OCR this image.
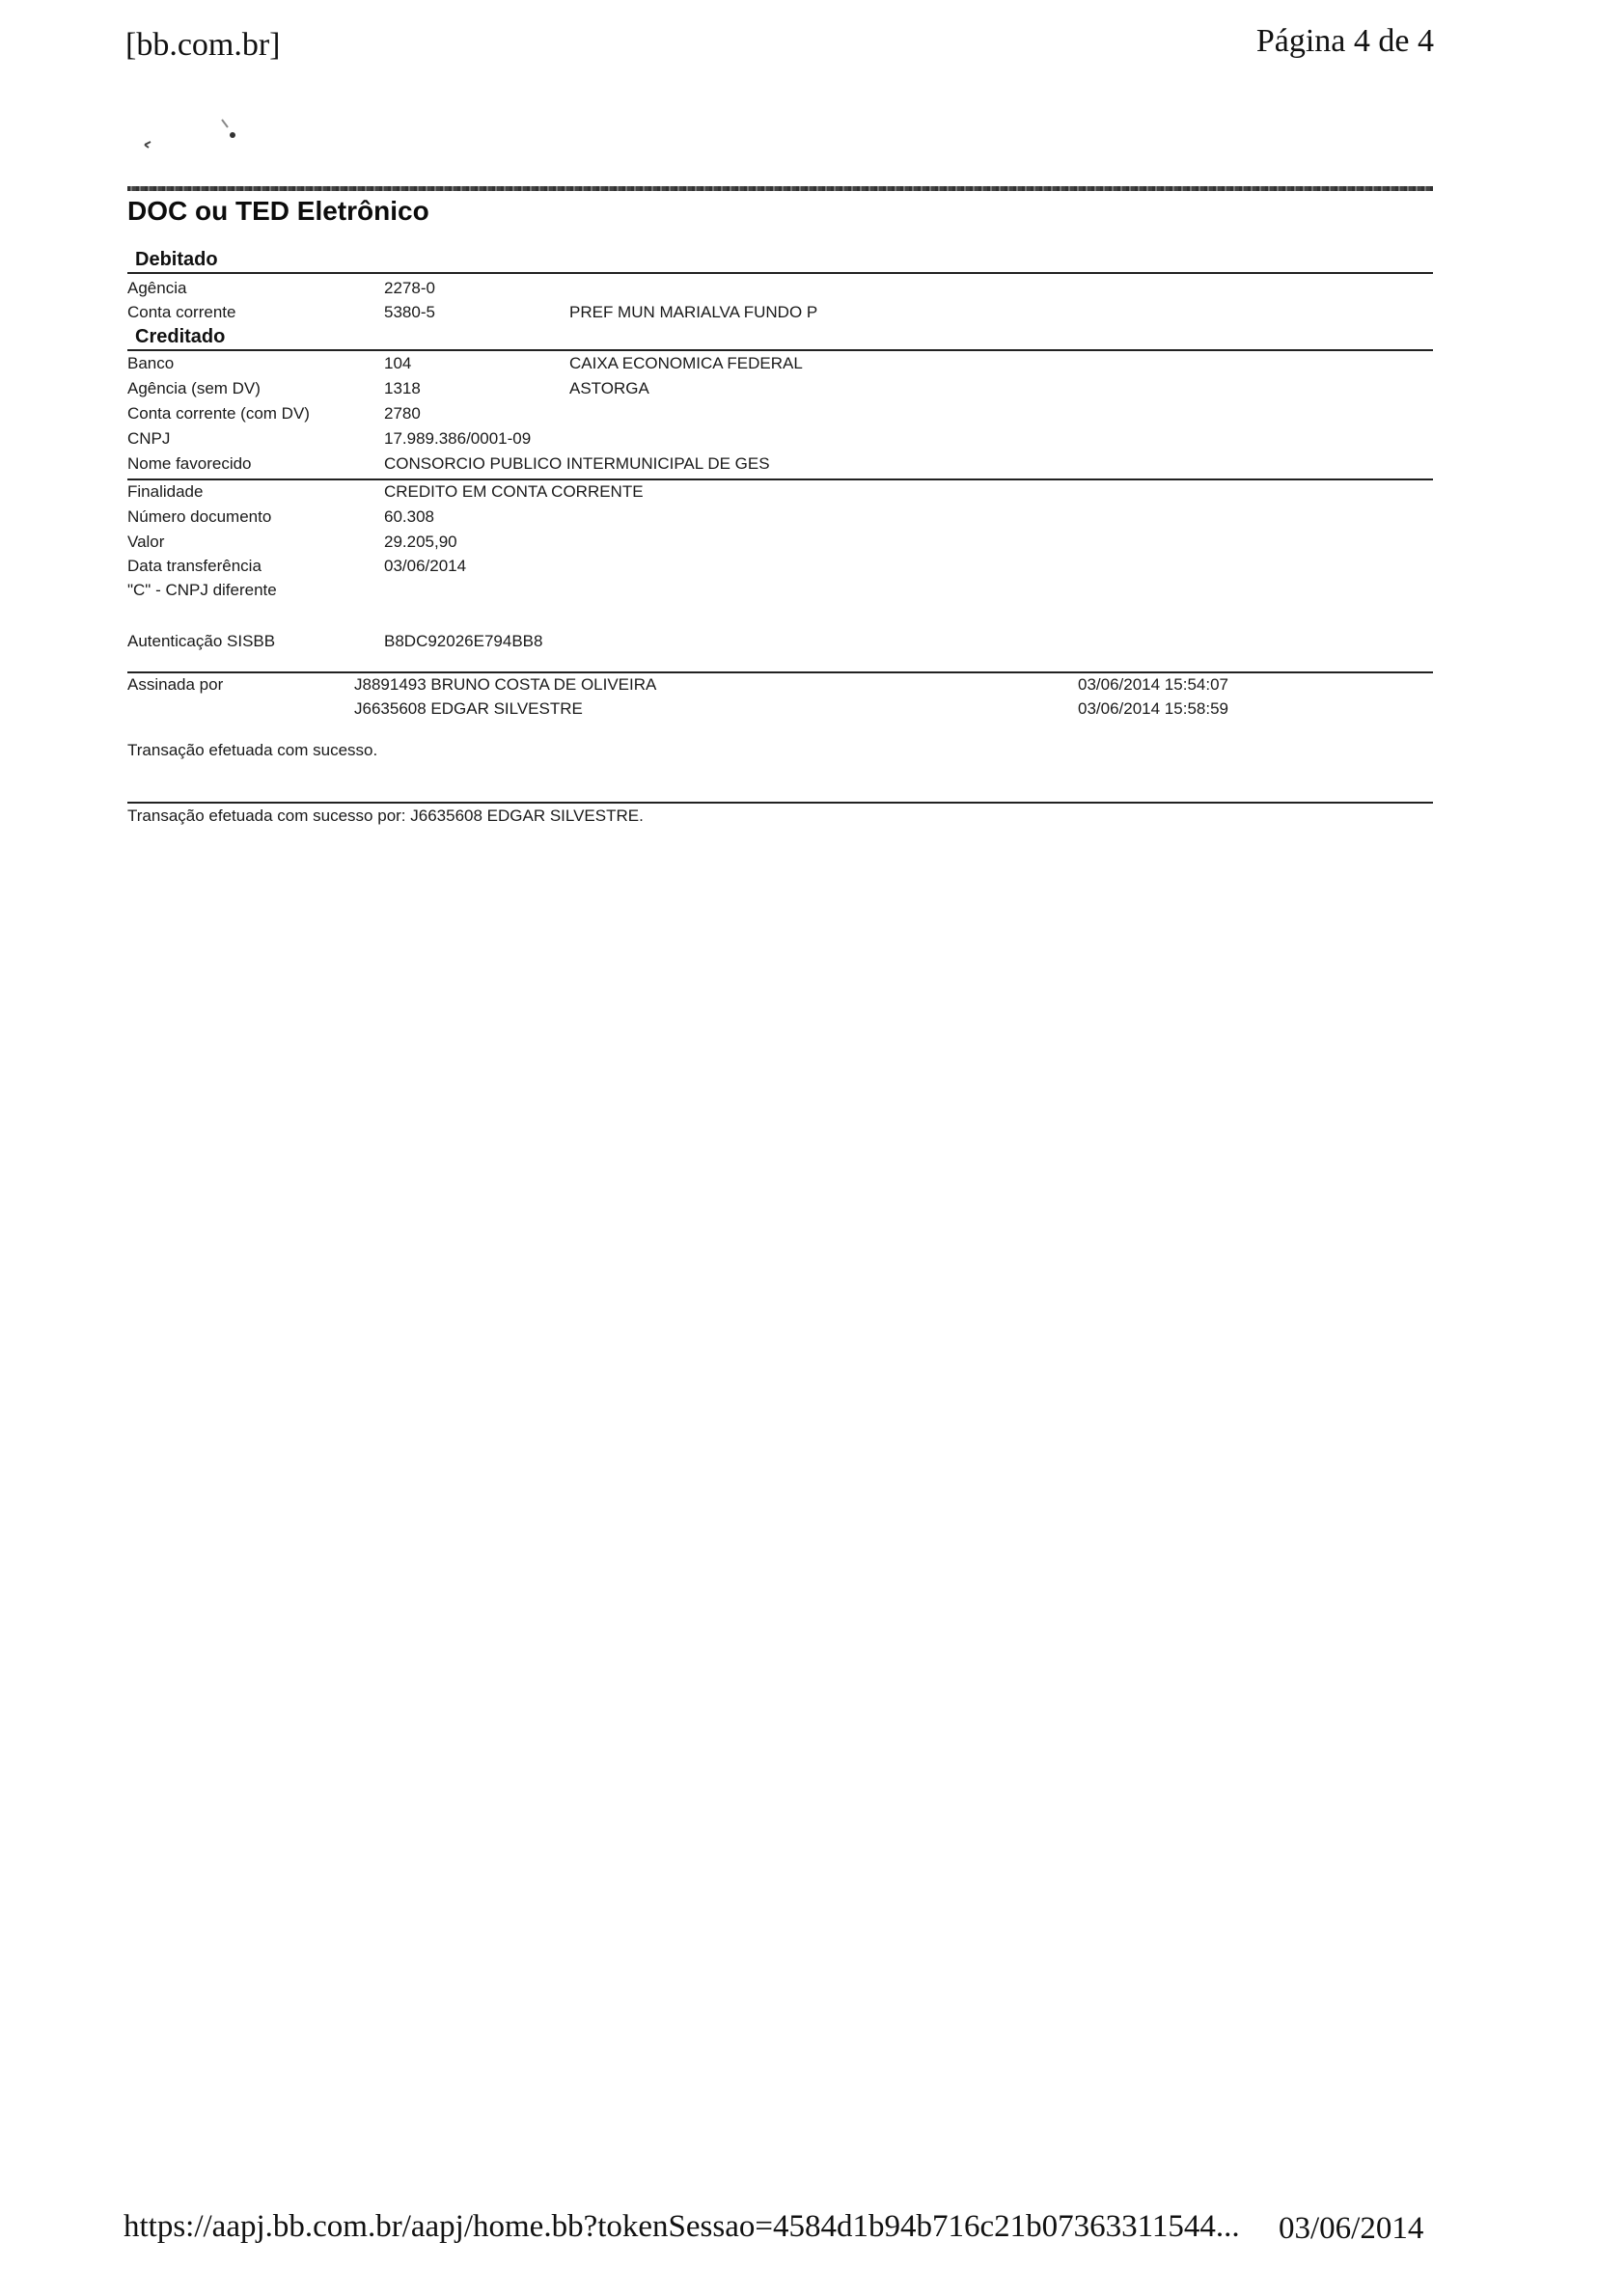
[bb.com.br]	Página 4 de 4
DOC ou TED Eletrônico
Debitado
Agência	2278-0
Conta corrente	5380-5	PREF MUN MARIALVA FUNDO P
Creditado
Banco	104	CAIXA ECONOMICA FEDERAL
Agência (sem DV)	1318	ASTORGA
Conta corrente (com DV)	2780
CNPJ	17.989.386/0001-09
Nome favorecido	CONSORCIO PUBLICO INTERMUNICIPAL DE GES
Finalidade	CREDITO EM CONTA CORRENTE
Número documento	60.308
Valor	29.205,90
Data transferência	03/06/2014
"C" - CNPJ diferente
Autenticação SISBB	B8DC92026E794BB8
Assinada por	J8891493 BRUNO COSTA DE OLIVEIRA	03/06/2014 15:54:07
J6635608 EDGAR SILVESTRE	03/06/2014 15:58:59
Transação efetuada com sucesso.
Transação efetuada com sucesso por: J6635608 EDGAR SILVESTRE.
https://aapj.bb.com.br/aapj/home.bb?tokenSessao=4584d1b94b716c21b07363311544... 03/06/2014
